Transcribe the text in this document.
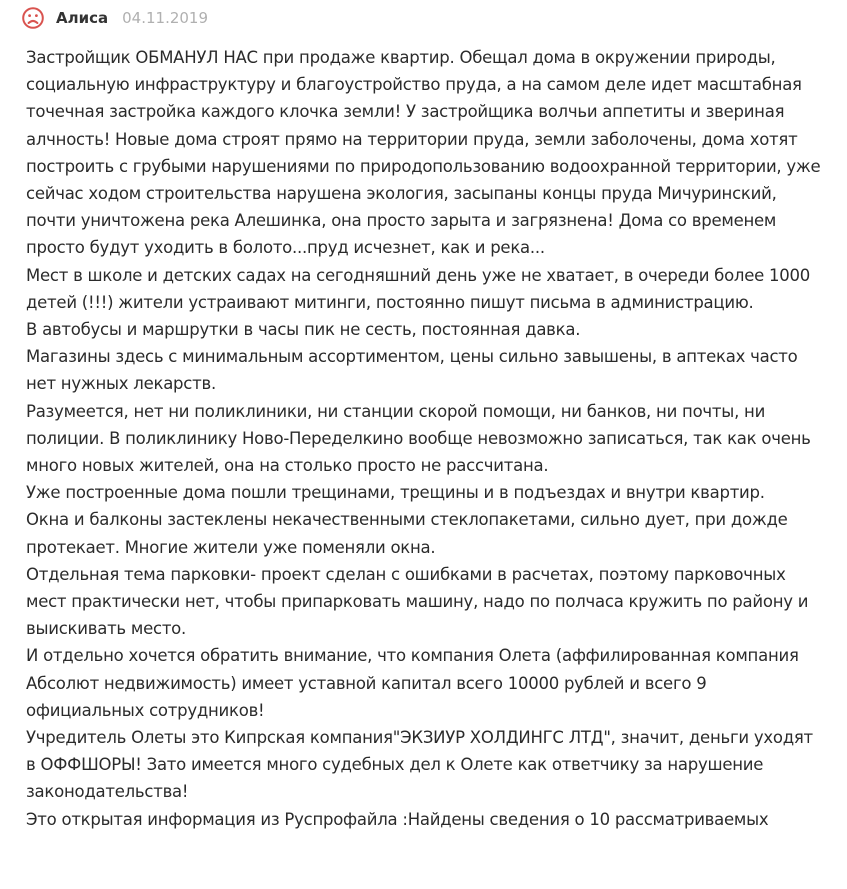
Алиса 04.11.2019

Застройщик ОБМАНУЛ НАС при продаже квартир. Обещал дома в окружении природы, социальную инфраструктуру и благоустройство пруда, а на самом деле идет масштабная точечная застройка каждого клочка земли! У застройщика волчьи аппетиты и звериная алчность! Новые дома строят прямо на территории пруда, земли заболочены, дома хотят построить с грубыми нарушениями по природопользованию водоохранной территории, уже сейчас ходом строительства нарушена экология, засыпаны концы пруда Мичуринский, почти уничтожена река Алешинка, она просто зарыта и загрязнена! Дома со временем просто будут уходить в болото...пруд исчезнет, как и река...

Мест в школе и детских садах на сегодняшний день уже не хватает, в очереди более 1000 детей (!!!) жители устраивают митинги, постоянно пишут письма в администрацию.

В автобусы и маршрутки в часы пик не сесть, постоянная давка.

Магазины здесь с минимальным ассортиментом, цены сильно завышены, в аптеках часто нет нужных лекарств.

Разумеется, нет ни поликлиники, ни станции скорой помощи, ни банков, ни почты, ни полиции. В поликлинику Ново-Переделкино вообще невозможно записаться, так как очень много новых жителей, она на столько просто не рассчитана.

Уже построенные дома пошли трещинами, трещины и в подъездах и внутри квартир.

Окна и балконы застеклены некачественными стеклопакетами, сильно дует, при дожде протекает. Многие жители уже поменяли окна.

Отдельная тема парковки- проект сделан с ошибками в расчетах, поэтому парковочных мест практически нет, чтобы припарковать машину, надо по полчаса кружить по району и выискивать место.

И отдельно хочется обратить внимание, что компания Олета (аффилированная компания Абсолют недвижимость) имеет уставной капитал всего 10000 рублей и всего 9 официальных сотрудников!

Учредитель Олеты это Кипрская компания"ЭКЗИУР ХОЛДИНГС ЛТД", значит, деньги уходят в ОФФШОРЫ! Зато имеется много судебных дел к Олете как ответчику за нарушение законодательства!

Это открытая информация из Руспрофайла :Найдены сведения о 10 рассматриваемых
